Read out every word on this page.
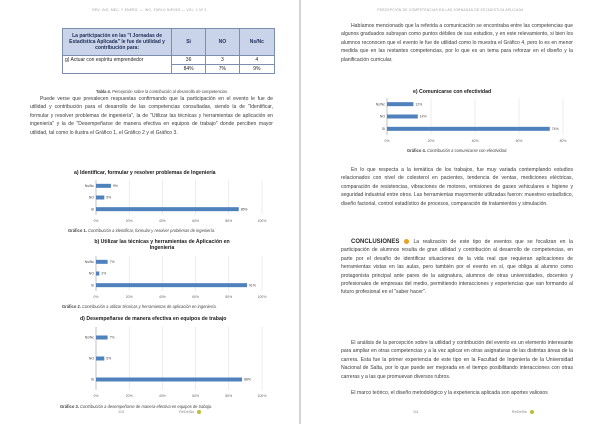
REV. ING. MEC. Y ENERG. — ING. ZURLO NIEVES — VOL. 1 Nº 2
La participación en las "I Jornadas de Estadística Aplicada" le fue de utilidad y contribución para:	Si	NO	Ns/Nc
g) Actuar con espíritu emprendedor	36	3	4
	84%	7%	9%
Tabla 4. Percepción sobre la contribución al desarrollo de competencias.
Puede verse que prevalecen respuestas confirmando que la participación en el evento le fue de utilidad y contribución para el desarrollo de las competencias consultadas, siendo la de "Identificar, formular y resolver problemas de ingeniería", la de "Utilizar las técnicas y herramientas de aplicación en ingeniería" y la de "Desempeñarse de manera efectiva en equipos de trabajo" donde perciben mayor utilidad, tal como lo ilustra el Gráfico 1, el Gráfico 2 y el Gráfico 3.
a) Identificar, formular y resolver problemas de Ingeniería
0%	20%	40%	60%	80%	100%
Si	86%
NO	5%
Ns/Nc	9%
Gráfico 1. Contribución a identificar, formular y resolver problemas de ingeniería.
b) Utilizar las técnicas y herramientas de Aplicación en Ingeniería
0%	20%	40%	60%	80%	100%
Si	91%
NO 2%
Ns/Nc	7%
Gráfico 2. Contribución a utilizar técnicas y herramientas de aplicación en ingeniería.
d) Desempeñarse de manera efectiva en equipos de trabajo
0%	20%	40%	60%	80%	100%
Si	88%
NO	5%
Ns/Nc	7%
Gráfico 3. Contribución a desempeñarse de manera efectiva en equipos de trabajo.
110	ReDeSis
PERCEPCIÓN DE COMPETENCIAS EN LAS JORNADAS DE ESTADÍSTICA APLICADA
Habíamos mencionado que la referida a comunicación se encontraba entre las competencias que algunos graduados subrayan como puntos débiles de sus estudios, y en este relevamiento, si bien los alumnos reconocen que el evento le fue de utilidad como lo muestra el Gráfico 4, pero lo es en menor medida que en las restantes competencias, por lo que es un tema para reforzar en el diseño y la planificación curricular.
e) Comunicarse con efectividad
0%	20%	40%	60%	80%
Si	74%
NO	14%
Ns/Nc	12%
Gráfico 4. Contribución a comunicarse con efectividad.
En lo que respecta a la temática de los trabajos, fue muy variada contemplando estudios relacionados con nivel de colesterol en pacientes, tendencia de ventas, mediciones eléctricas, comparación de resistencias, vibraciones de motores, emisiones de gases vehiculares e higiene y seguridad industrial entre otros. Las herramientas mayormente utilizadas fueron: muestreo estadístico, diseño factorial, control estadístico de procesos, comparación de tratamientos y simulación.
CONCLUSIONES	La realización de este tipo de eventos que se focalizan en la participación de alumnos resulta de gran utilidad y contribución al desarrollo de competencias, en parte por el desafío de identificar situaciones de la vida real que requieran aplicaciones de herramientas vistas en las aulas, pero también por el evento en sí, que obliga al alumno como protagonista principal ante pares de la asignatura, alumnos de otras universidades, docentes y profesionales de empresas del medio, permitiendo interacciones y experiencias que van formando al futuro profesional en el "saber hacer".
El análisis de la percepción sobre la utilidad y contribución del evento es un elemento interesante para ampliar en otras competencias y a la vez aplicar en otras asignaturas de las distintas áreas de la carrera. Esta fue la primer experiencia de este tipo en la Facultad de Ingeniería de la Universidad Nacional de Salta, por lo que puede ser mejorada en el tiempo posibilitando interacciones con otras carreras y a las que promuevan diversos rubros.
El marco teórico, el diseño metodológico y la experiencia aplicada son aportes valiosos
111	ReDeSis
